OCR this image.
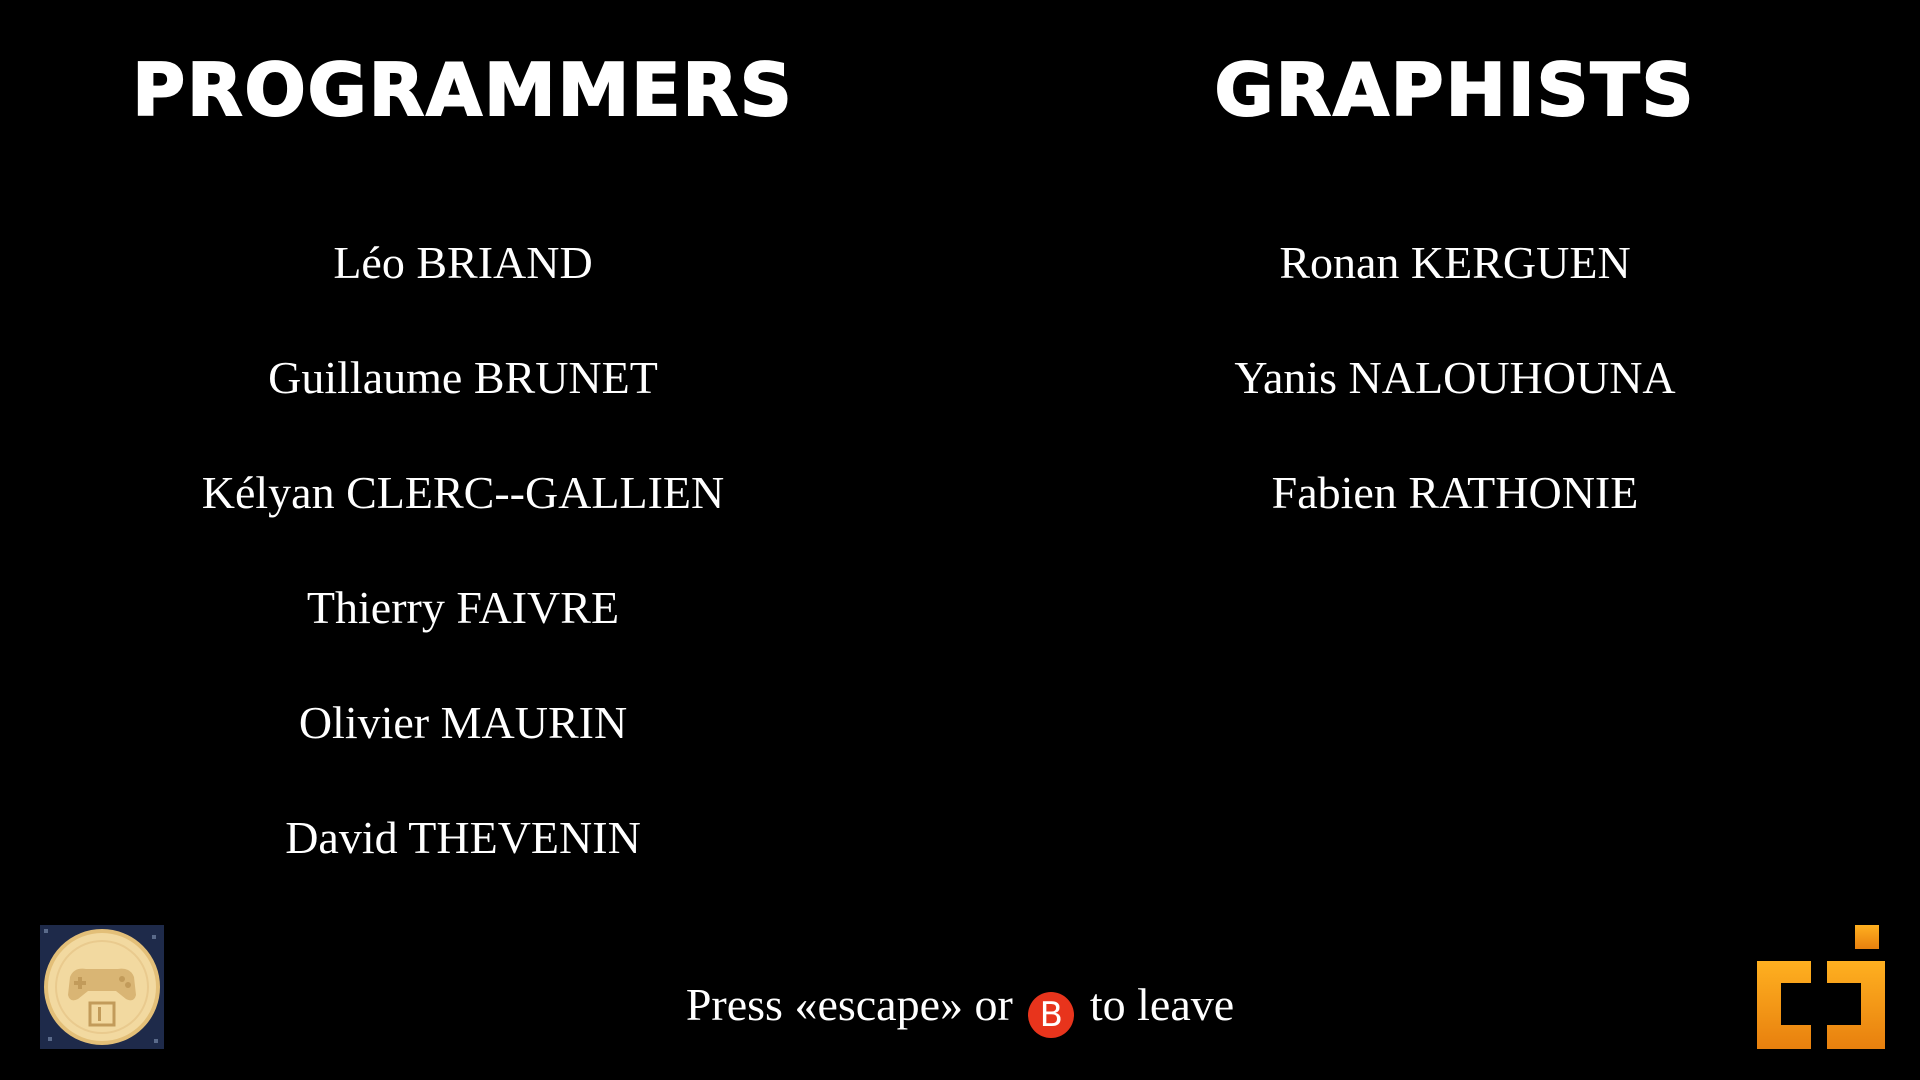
PROGRAMMERS
Léo BRIAND
Guillaume BRUNET
Kélyan CLERC--GALLIEN
Thierry FAIVRE
Olivier MAURIN
David THEVENIN
GRAPHISTS
Ronan KERGUEN
Yanis NALOUHOUNA
Fabien RATHONIE
Press «escape» or B to leave
